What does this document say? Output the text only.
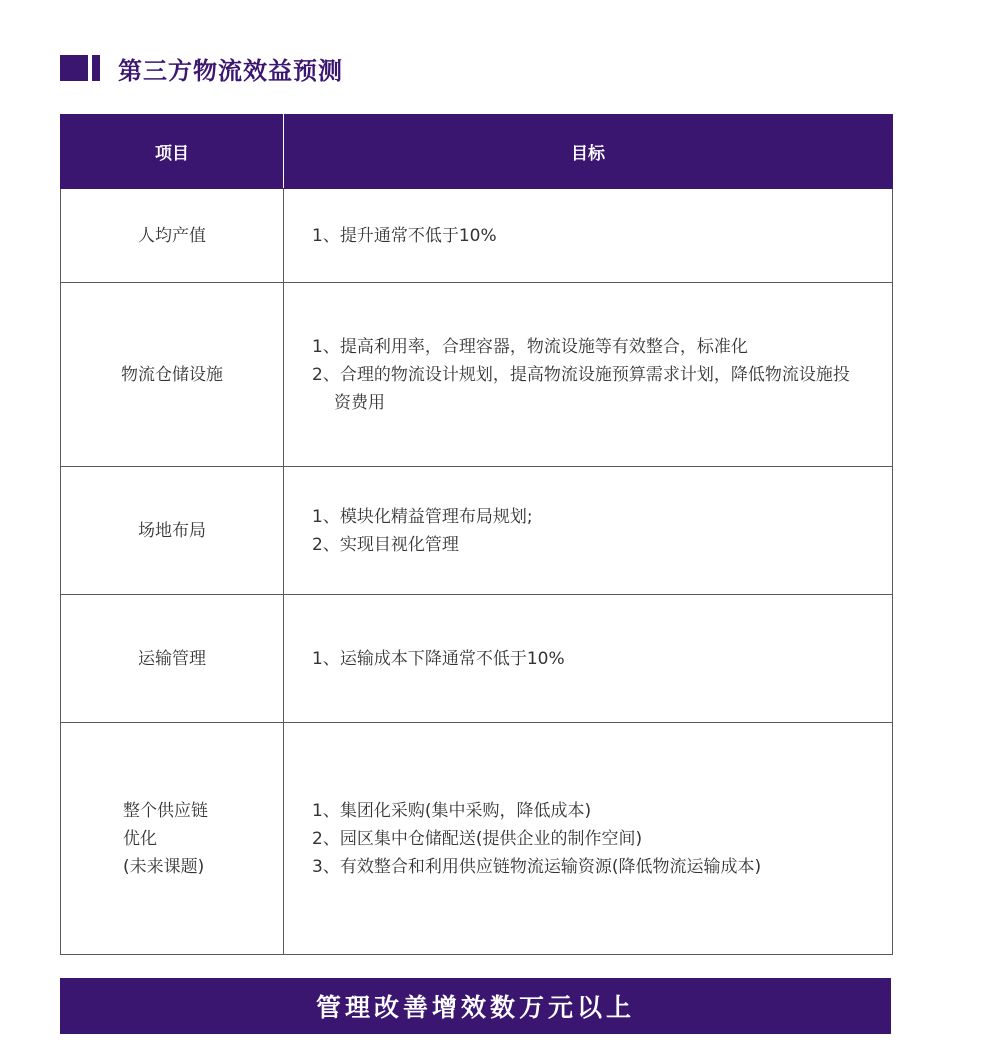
第三方物流效益预测
项目	目标

人均产值	1、提升通常不低于10%

物流仓储设施	1、提高利用率，合理容器，物流设施等有效整合，标准化
2、合理的物流设计规划，提高物流设施预算需求计划，降低物流设施投资费用

场地布局	1、模块化精益管理布局规划;
2、实现目视化管理

运输管理	1、运输成本下降通常不低于10%

整个供应链
优化
(未来课题)	1、集团化采购(集中采购，降低成本)
2、园区集中仓储配送(提供企业的制作空间)
3、有效整合和利用供应链物流运输资源(降低物流运输成本)
管理改善增效数万元以上
